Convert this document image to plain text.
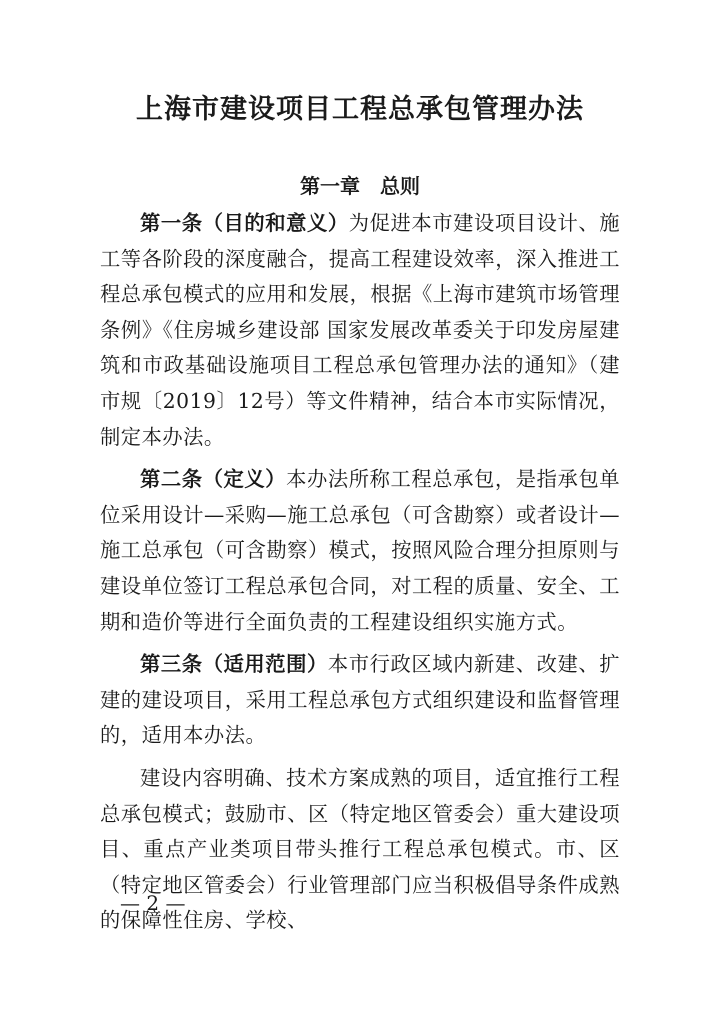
上海市建设项目工程总承包管理办法
第一章　总则

第一条（目的和意义）为促进本市建设项目设计、施工等各阶段的深度融合，提高工程建设效率，深入推进工程总承包模式的应用和发展，根据《上海市建筑市场管理条例》《住房城乡建设部 国家发展改革委关于印发房屋建筑和市政基础设施项目工程总承包管理办法的通知》（建市规〔2019〕12号）等文件精神，结合本市实际情况，制定本办法。

第二条（定义）本办法所称工程总承包，是指承包单位采用设计—采购—施工总承包（可含勘察）或者设计—施工总承包（可含勘察）模式，按照风险合理分担原则与建设单位签订工程总承包合同，对工程的质量、安全、工期和造价等进行全面负责的工程建设组织实施方式。

第三条（适用范围）本市行政区域内新建、改建、扩建的建设项目，采用工程总承包方式组织建设和监督管理的，适用本办法。

建设内容明确、技术方案成熟的项目，适宜推行工程总承包模式；鼓励市、区（特定地区管委会）重大建设项目、重点产业类项目带头推行工程总承包模式。市、区（特定地区管委会）行业管理部门应当积极倡导条件成熟的保障性住房、学校、

— 2 —
